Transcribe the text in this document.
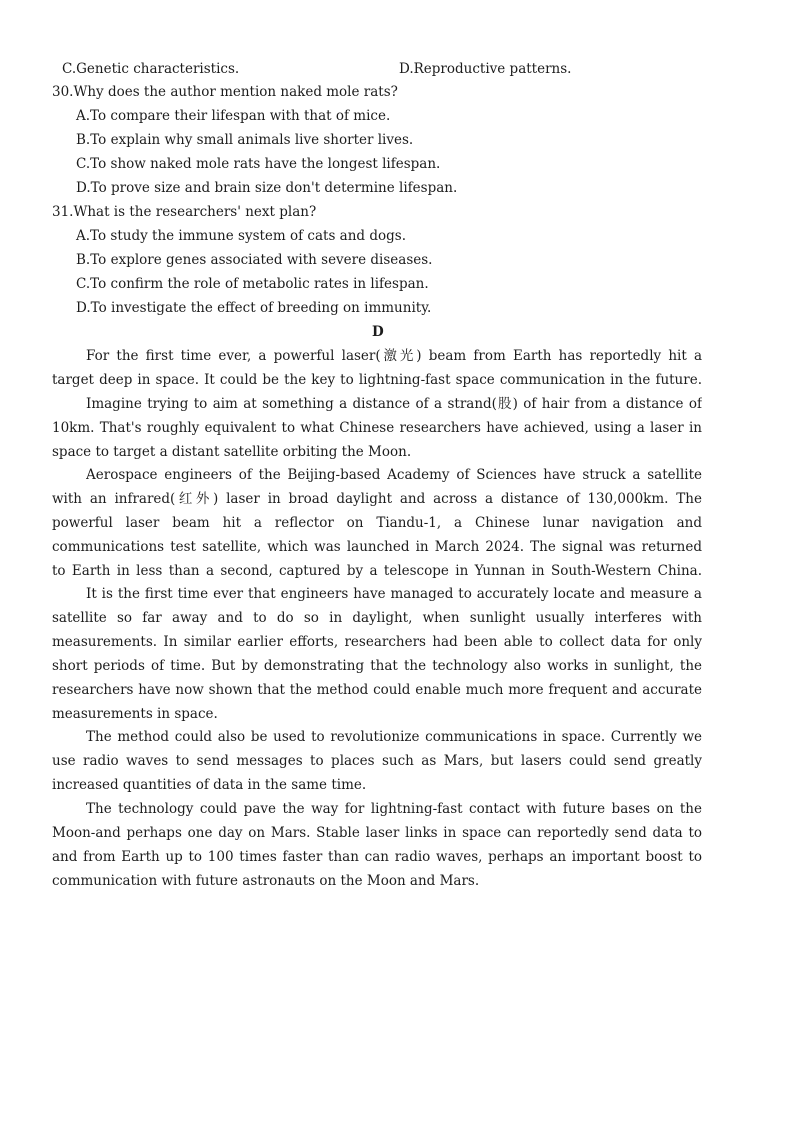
C.Genetic characteristics.	D.Reproductive patterns.
30.Why does the author mention naked mole rats?
A.To compare their lifespan with that of mice.
B.To explain why small animals live shorter lives.
C.To show naked mole rats have the longest lifespan.
D.To prove size and brain size don't determine lifespan.
31.What is the researchers' next plan?
A.To study the immune system of cats and dogs.
B.To explore genes associated with severe diseases.
C.To confirm the role of metabolic rates in lifespan.
D.To investigate the effect of breeding on immunity.
D
For the first time ever, a powerful laser(激光) beam from Earth has reportedly hit a
target deep in space. It could be the key to lightning-fast space communication in the future.
Imagine trying to aim at something a distance of a strand(股) of hair from a distance of
10km. That's roughly equivalent to what Chinese researchers have achieved, using a laser in
space to target a distant satellite orbiting the Moon.
Aerospace engineers of the Beijing-based Academy of Sciences have struck a satellite
with an infrared(红外) laser in broad daylight and across a distance of 130,000km. The
powerful laser beam hit a reflector on Tiandu-1, a Chinese lunar navigation and
communications test satellite, which was launched in March 2024. The signal was returned
to Earth in less than a second, captured by a telescope in Yunnan in South-Western China.
It is the first time ever that engineers have managed to accurately locate and measure a
satellite so far away and to do so in daylight, when sunlight usually interferes with
measurements. In similar earlier efforts, researchers had been able to collect data for only
short periods of time. But by demonstrating that the technology also works in sunlight, the
researchers have now shown that the method could enable much more frequent and accurate
measurements in space.
The method could also be used to revolutionize communications in space. Currently we
use radio waves to send messages to places such as Mars, but lasers could send greatly
increased quantities of data in the same time.
The technology could pave the way for lightning-fast contact with future bases on the
Moon-and perhaps one day on Mars. Stable laser links in space can reportedly send data to
and from Earth up to 100 times faster than can radio waves, perhaps an important boost to
communication with future astronauts on the Moon and Mars.
